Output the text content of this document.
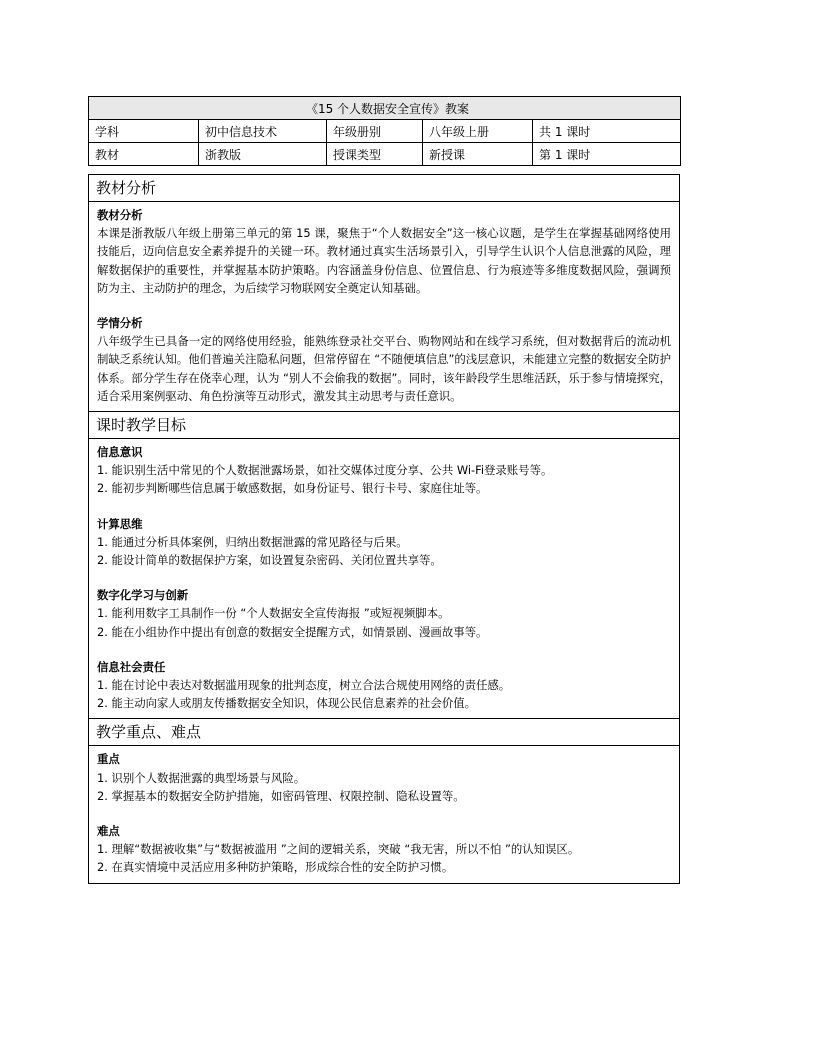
《15 个人数据安全宣传》教案				
学科	初中信息技术	年级册别	八年级上册	共 1 课时
教材	浙教版	授课类型	新授课	第 1 课时
教材分析
教材分析
本课是浙教版八年级上册第三单元的第 15 课，聚焦于“个人数据安全”这一核心议题，是学生在掌握基础网络使用技能后，迈向信息安全素养提升的关键一环。教材通过真实生活场景引入，引导学生认识个人信息泄露的风险，理解数据保护的重要性，并掌握基本防护策略。内容涵盖身份信息、位置信息、行为痕迹等多维度数据风险，强调预防为主、主动防护的理念，为后续学习物联网安全奠定认知基础。
学情分析
八年级学生已具备一定的网络使用经验，能熟练登录社交平台、购物网站和在线学习系统，但对数据背后的流动机制缺乏系统认知。他们普遍关注隐私问题，但常停留在 “不随便填信息”的浅层意识，未能建立完整的数据安全防护体系。部分学生存在侥幸心理，认为 “别人不会偷我的数据”。同时，该年龄段学生思维活跃，乐于参与情境探究，适合采用案例驱动、角色扮演等互动形式，激发其主动思考与责任意识。
课时教学目标
信息意识
1. 能识别生活中常见的个人数据泄露场景，如社交媒体过度分享、公共 Wi-Fi登录账号等。
2. 能初步判断哪些信息属于敏感数据，如身份证号、银行卡号、家庭住址等。
计算思维
1. 能通过分析具体案例，归纳出数据泄露的常见路径与后果。
2. 能设计简单的数据保护方案，如设置复杂密码、关闭位置共享等。
数字化学习与创新
1. 能利用数字工具制作一份 “个人数据安全宣传海报 ”或短视频脚本。
2. 能在小组协作中提出有创意的数据安全提醒方式，如情景剧、漫画故事等。
信息社会责任
1. 能在讨论中表达对数据滥用现象的批判态度，树立合法合规使用网络的责任感。
2. 能主动向家人或朋友传播数据安全知识，体现公民信息素养的社会价值。
教学重点、难点
重点
1. 识别个人数据泄露的典型场景与风险。
2. 掌握基本的数据安全防护措施，如密码管理、权限控制、隐私设置等。
难点
1. 理解“数据被收集”与“数据被滥用 ”之间的逻辑关系，突破 “我无害，所以不怕 ”的认知误区。
2. 在真实情境中灵活应用多种防护策略，形成综合性的安全防护习惯。
